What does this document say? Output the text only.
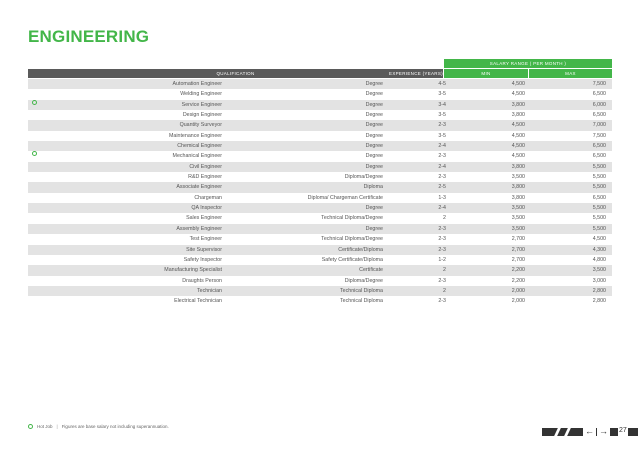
ENGINEERING
SALARY RANGE ( PER MONTH )
QUALIFICATION	EXPERIENCE (YEARS)	MIN	MAX
Automation Engineer	Degree	4-5	4,500	7,500
Welding Engineer	Degree	3-5	4,500	6,500
Service Engineer	Degree	3-4	3,800	6,000
Design Engineer	Degree	3-5	3,800	6,500
Quantity Surveyor	Degree	2-3	4,500	7,000
Maintenance Engineer	Degree	3-5	4,500	7,500
Chemical Engineer	Degree	2-4	4,500	6,500
Mechanical Engineer	Degree	2-3	4,500	6,500
Civil Engineer	Degree	2-4	3,800	5,500
R&D Engineer	Diploma/Degree	2-3	3,500	5,500
Associate Engineer	Diploma	2-5	3,800	5,500
Chargeman	Diploma/ Chargeman Certificate	1-3	3,800	6,500
QA Inspector	Degree	2-4	3,500	5,500
Sales Engineer	Technical Diploma/Degree	2	3,500	5,500
Assembly Engineer	Degree	2-3	3,500	5,500
Test Engineer	Technical Diploma/Degree	2-3	2,700	4,500
Site Supervisor	Certificate/Diploma	2-3	2,700	4,300
Safety Inspector	Safety Certificate/Diploma	1-2	2,700	4,800
Manufacturing Specialist	Certificate	2	2,200	3,500
Draughts Person	Diploma/Degree	2-3	2,200	3,000
Technician	Technical Diploma	2	2,000	2,800
Electrical Technician	Technical Diploma	2-3	2,000	2,800
Hot Job | Figures are base salary not including superannuation.	← → 27
